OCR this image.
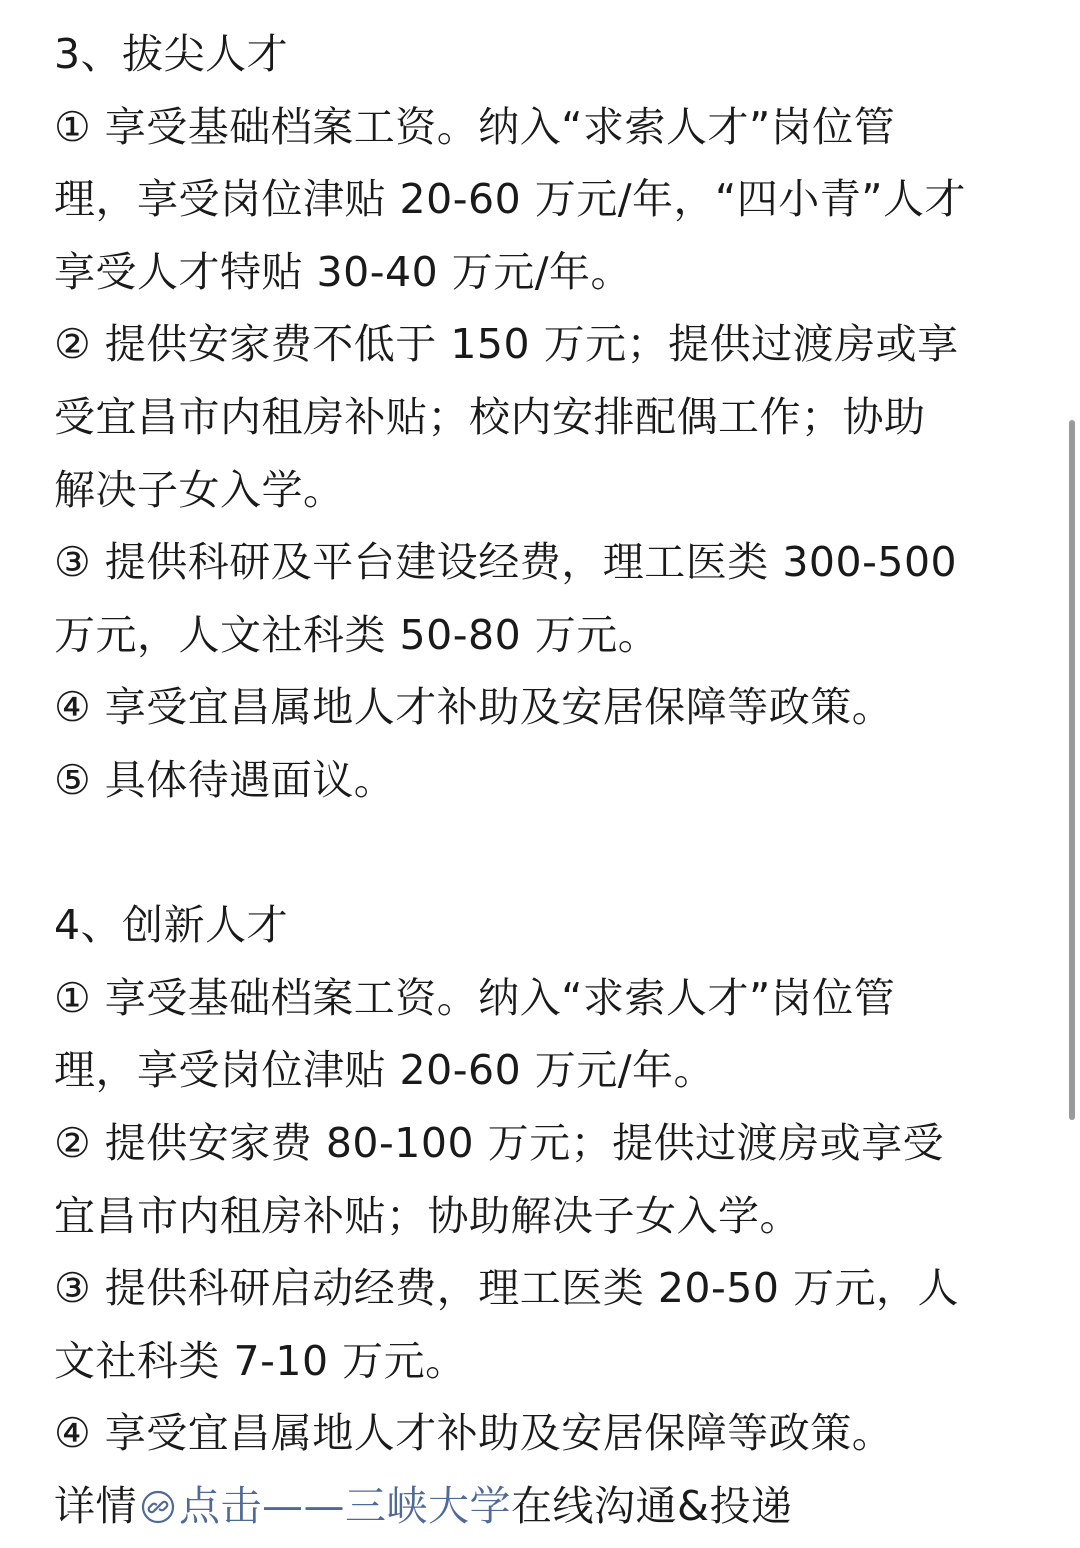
3、拔尖人才
① 享受基础档案工资。纳入“求索人才”岗位管
理，享受岗位津贴 20-60 万元/年，“四小青”人才
享受人才特贴 30-40 万元/年。
② 提供安家费不低于 150 万元；提供过渡房或享
受宜昌市内租房补贴；校内安排配偶工作；协助
解决子女入学。
③ 提供科研及平台建设经费，理工医类 300-500
万元，人文社科类 50-80 万元。
④ 享受宜昌属地人才补助及安居保障等政策。
⑤ 具体待遇面议。
4、创新人才
① 享受基础档案工资。纳入“求索人才”岗位管
理，享受岗位津贴 20-60 万元/年。
② 提供安家费 80-100 万元；提供过渡房或享受
宜昌市内租房补贴；协助解决子女入学。
③ 提供科研启动经费，理工医类 20-50 万元，人
文社科类 7-10 万元。
④ 享受宜昌属地人才补助及安居保障等政策。
详情 点击——三峡大学在线沟通&投递
